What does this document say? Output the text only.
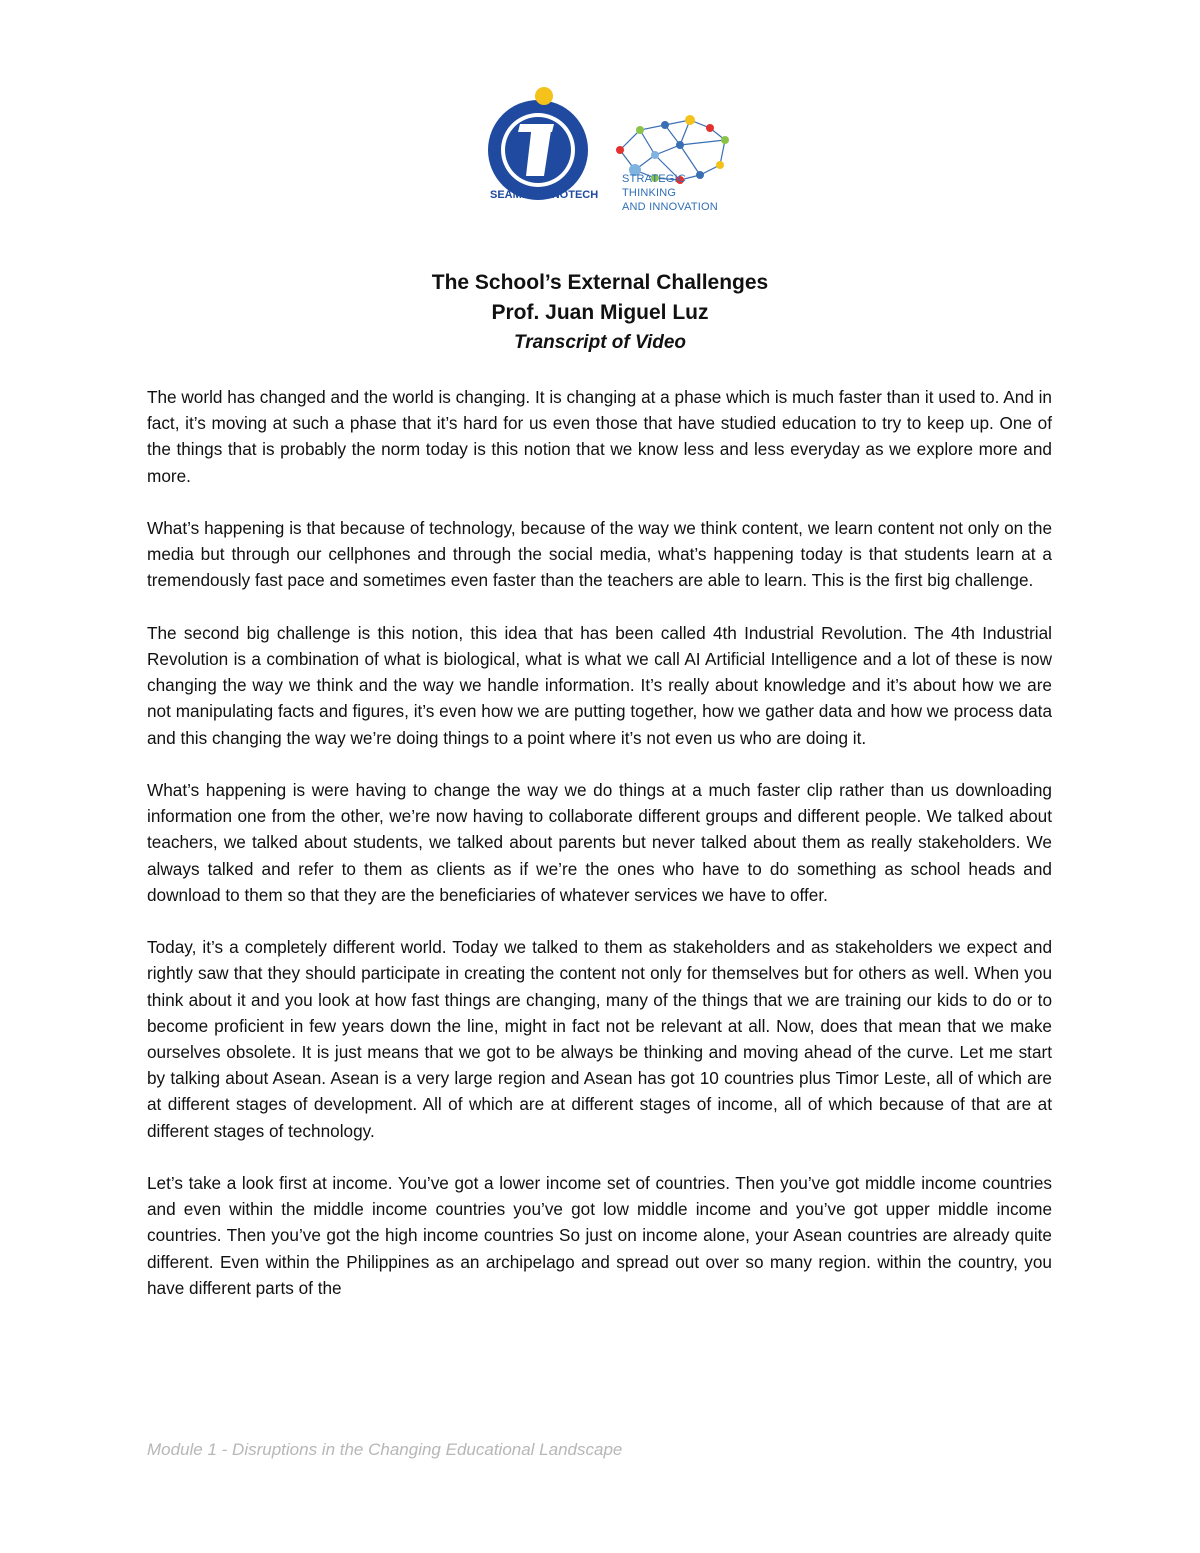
SEAMEO INNOTECH
STRATEGIC THINKING
AND INNOVATION
The School’s External Challenges
Prof. Juan Miguel Luz
Transcript of Video

The world has changed and the world is changing. It is changing at a phase which is much faster than it used to. And in fact, it’s moving at such a phase that it’s hard for us even those that have studied education to try to keep up. One of the things that is probably the norm today is this notion that we know less and less everyday as we explore more and more.

What’s happening is that because of technology, because of the way we think content, we learn content not only on the media but through our cellphones and through the social media, what’s happening today is that students learn at a tremendously fast pace and sometimes even faster than the teachers are able to learn. This is the first big challenge.

The second big challenge is this notion, this idea that has been called 4th Industrial Revolution. The 4th Industrial Revolution is a combination of what is biological, what is what we call AI Artificial Intelligence and a lot of these is now changing the way we think and the way we handle information. It’s really about knowledge and it’s about how we are not manipulating facts and figures, it’s even how we are putting together, how we gather data and how we process data and this changing the way we’re doing things to a point where it’s not even us who are doing it.

What’s happening is were having to change the way we do things at a much faster clip rather than us downloading information one from the other, we’re now having to collaborate different groups and different people. We talked about teachers, we talked about students, we talked about parents but never talked about them as really stakeholders. We always talked and refer to them as clients as if we’re the ones who have to do something as school heads and download to them so that they are the beneficiaries of whatever services we have to offer.

Today, it’s a completely different world. Today we talked to them as stakeholders and as stakeholders we expect and rightly saw that they should participate in creating the content not only for themselves but for others as well. When you think about it and you look at how fast things are changing, many of the things that we are training our kids to do or to become proficient in few years down the line, might in fact not be relevant at all. Now, does that mean that we make ourselves obsolete. It is just means that we got to be always be thinking and moving ahead of the curve. Let me start by talking about Asean. Asean is a very large region and Asean has got 10 countries plus Timor Leste, all of which are at different stages of development. All of which are at different stages of income, all of which because of that are at different stages of technology.

Let’s take a look first at income. You’ve got a lower income set of countries. Then you’ve got middle income countries and even within the middle income countries you’ve got low middle income and you’ve got upper middle income countries. Then you’ve got the high income countries So just on income alone, your Asean countries are already quite different. Even within the Philippines as an archipelago and spread out over so many region. within the country, you have different parts of the

Module 1 - Disruptions in the Changing Educational Landscape
